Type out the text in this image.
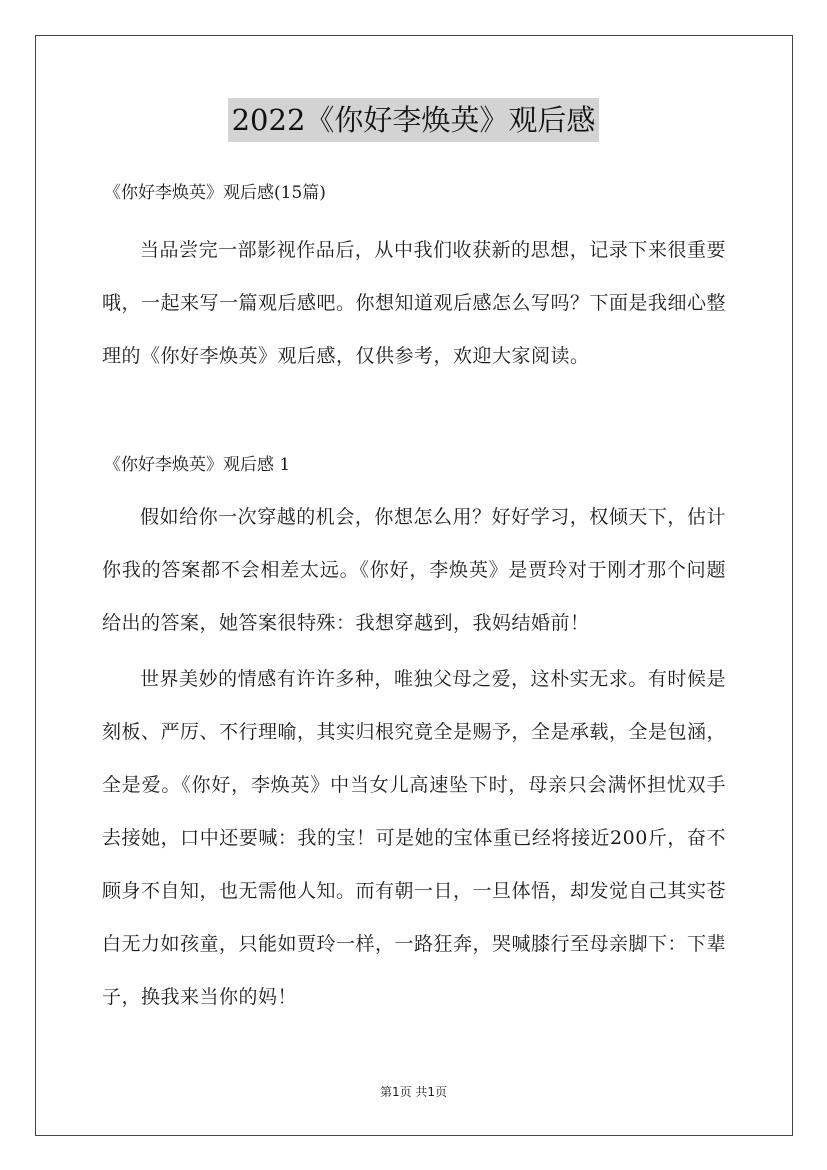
2022《你好李焕英》观后感
《你好李焕英》观后感(15篇)

当品尝完一部影视作品后，从中我们收获新的思想，记录下来很重要哦，一起来写一篇观后感吧。你想知道观后感怎么写吗？下面是我细心整理的《你好李焕英》观后感，仅供参考，欢迎大家阅读。

《你好李焕英》观后感 1

假如给你一次穿越的机会，你想怎么用？好好学习，权倾天下，估计你我的答案都不会相差太远。《你好，李焕英》是贾玲对于刚才那个问题给出的答案，她答案很特殊：我想穿越到，我妈结婚前！

世界美妙的情感有许许多种，唯独父母之爱，这朴实无求。有时候是刻板、严厉、不行理喻，其实归根究竟全是赐予，全是承载，全是包涵，全是爱。《你好，李焕英》中当女儿高速坠下时，母亲只会满怀担忧双手去接她，口中还要喊：我的宝！可是她的宝体重已经将接近200斤，奋不顾身不自知，也无需他人知。而有朝一日，一旦体悟，却发觉自己其实苍白无力如孩童，只能如贾玲一样，一路狂奔，哭喊膝行至母亲脚下：下辈子，换我来当你的妈！

第1页 共1页
